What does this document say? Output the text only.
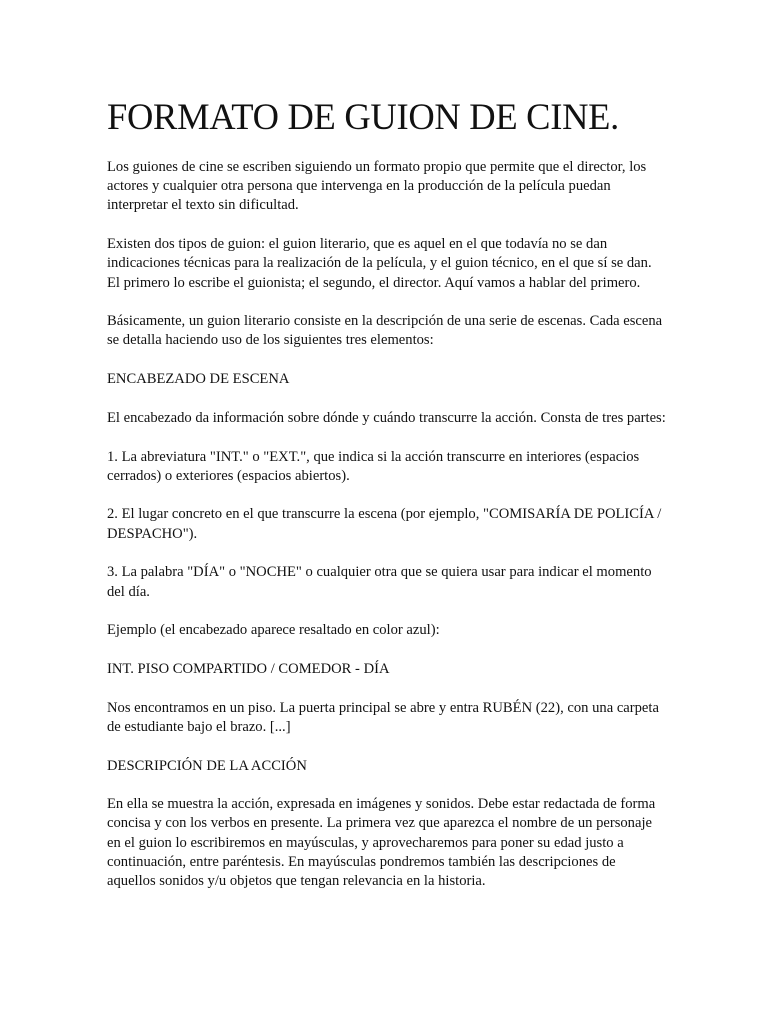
FORMATO DE GUION DE CINE.

Los guiones de cine se escriben siguiendo un formato propio que permite que el director, los actores y cualquier otra persona que intervenga en la producción de la película puedan interpretar el texto sin dificultad.

Existen dos tipos de guion: el guion literario, que es aquel en el que todavía no se dan indicaciones técnicas para la realización de la película, y el guion técnico, en el que sí se dan. El primero lo escribe el guionista; el segundo, el director. Aquí vamos a hablar del primero.

Básicamente, un guion literario consiste en la descripción de una serie de escenas. Cada escena se detalla haciendo uso de los siguientes tres elementos:

ENCABEZADO DE ESCENA

El encabezado da información sobre dónde y cuándo transcurre la acción. Consta de tres partes:

1. La abreviatura "INT." o "EXT.", que indica si la acción transcurre en interiores (espacios cerrados) o exteriores (espacios abiertos).

2. El lugar concreto en el que transcurre la escena (por ejemplo, "COMISARÍA DE POLICÍA / DESPACHO").

3. La palabra "DÍA" o "NOCHE" o cualquier otra que se quiera usar para indicar el momento del día.

Ejemplo (el encabezado aparece resaltado en color azul):

INT. PISO COMPARTIDO / COMEDOR - DÍA

Nos encontramos en un piso. La puerta principal se abre y entra RUBÉN (22), con una carpeta de estudiante bajo el brazo. [...]

DESCRIPCIÓN DE LA ACCIÓN

En ella se muestra la acción, expresada en imágenes y sonidos. Debe estar redactada de forma concisa y con los verbos en presente. La primera vez que aparezca el nombre de un personaje en el guion lo escribiremos en mayúsculas, y aprovecharemos para poner su edad justo a continuación, entre paréntesis. En mayúsculas pondremos también las descripciones de aquellos sonidos y/u objetos que tengan relevancia en la historia.
